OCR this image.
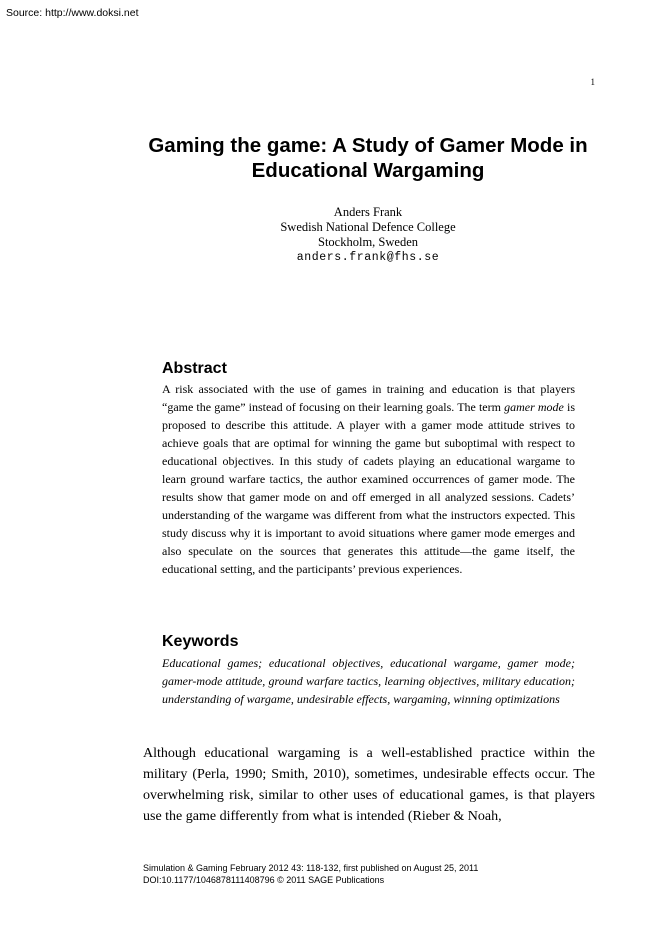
Source: http://www.doksi.net
1
Gaming the game: A Study of Gamer Mode in Educational Wargaming
Anders Frank
Swedish National Defence College
Stockholm, Sweden
anders.frank@fhs.se
Abstract

A risk associated with the use of games in training and education is that players “game the game” instead of focusing on their learning goals. The term gamer mode is proposed to describe this attitude. A player with a gamer mode attitude strives to achieve goals that are optimal for winning the game but suboptimal with respect to educational objectives. In this study of cadets playing an educational wargame to learn ground warfare tactics, the author examined occurrences of gamer mode. The results show that gamer mode on and off emerged in all analyzed sessions. Cadets’ understanding of the wargame was different from what the instructors expected. This study discuss why it is important to avoid situations where gamer mode emerges and also speculate on the sources that generates this attitude—the game itself, the educational setting, and the participants’ previous experiences.

Keywords

Educational games; educational objectives, educational wargame, gamer mode; gamer-mode attitude, ground warfare tactics, learning objectives, military education; understanding of wargame, undesirable effects, wargaming, winning optimizations

Although educational wargaming is a well-established practice within the military (Perla, 1990; Smith, 2010), sometimes, undesirable effects occur. The overwhelming risk, similar to other uses of educational games, is that players use the game differently from what is intended (Rieber & Noah,

Simulation & Gaming February 2012 43: 118-132, first published on August 25, 2011
DOI:10.1177/1046878111408796 © 2011 SAGE Publications
